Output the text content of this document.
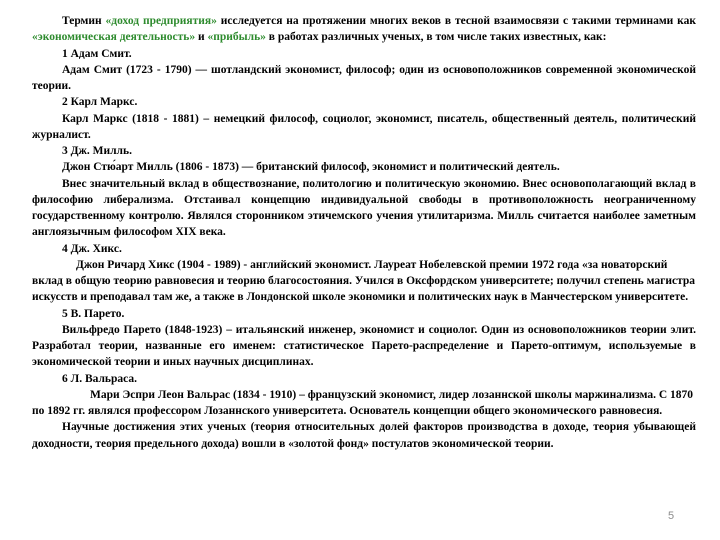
Термин «доход предприятия» исследуется на протяжении многих веков в тесной взаимосвязи с такими терминами как «экономическая деятельность» и «прибыль» в работах различных ученых, в том числе таких известных, как:

1 Адам Смит.

Адам Смит (1723 - 1790) — шотландский экономист, философ; один из основоположников современной экономической теории.

2 Карл Маркс.

Карл Маркс (1818 - 1881) – немецкий философ, социолог, экономист, писатель, общественный деятель, политический журналист.

3 Дж. Милль.

Джон Стю́арт Милль (1806 - 1873) — британский философ, экономист и политический деятель.

Внес значительный вклад в обществознание, политологию и политическую экономию. Внес основополагающий вклад в философию либерализма. Отстаивал концепцию индивидуальной свободы в противоположность неограниченному государственному контролю. Являлся сторонником этичемского учения утилитаризма. Милль считается наиболее заметным англоязычным философом XIX века.

4 Дж. Хикс.

Джон Ричард Хикс (1904 - 1989) - английский экономист. Лауреат Нобелевской премии 1972 года «за новаторский вклад в общую теорию равновесия и теорию благосостояния. Учился в Оксфордском университете; получил степень магистра искусств и преподавал там же, а также в Лондонской школе экономики и политических наук в Манчестерском университете.

5 В. Парето.

Вильфредо Парето (1848-1923) – итальянский инженер, экономист и социолог. Один из основоположников теории элит. Разработал теории, названные его именем: статистическое Парето-распределение и Парето-оптимум, используемые в экономической теории и иных научных дисциплинах.

6 Л. Вальраса.

Мари Эспри Леон Вальрас (1834 - 1910) – французский экономист, лидер лозаннской школы маржинализма. С 1870 по 1892 гг. являлся профессором Лозаннского университета. Основатель концепции общего экономического равновесия.

Научные достижения этих ученых (теория относительных долей факторов производства в доходе, теория убывающей доходности, теория предельного дохода) вошли в «золотой фонд» постулатов экономической теории.

5
